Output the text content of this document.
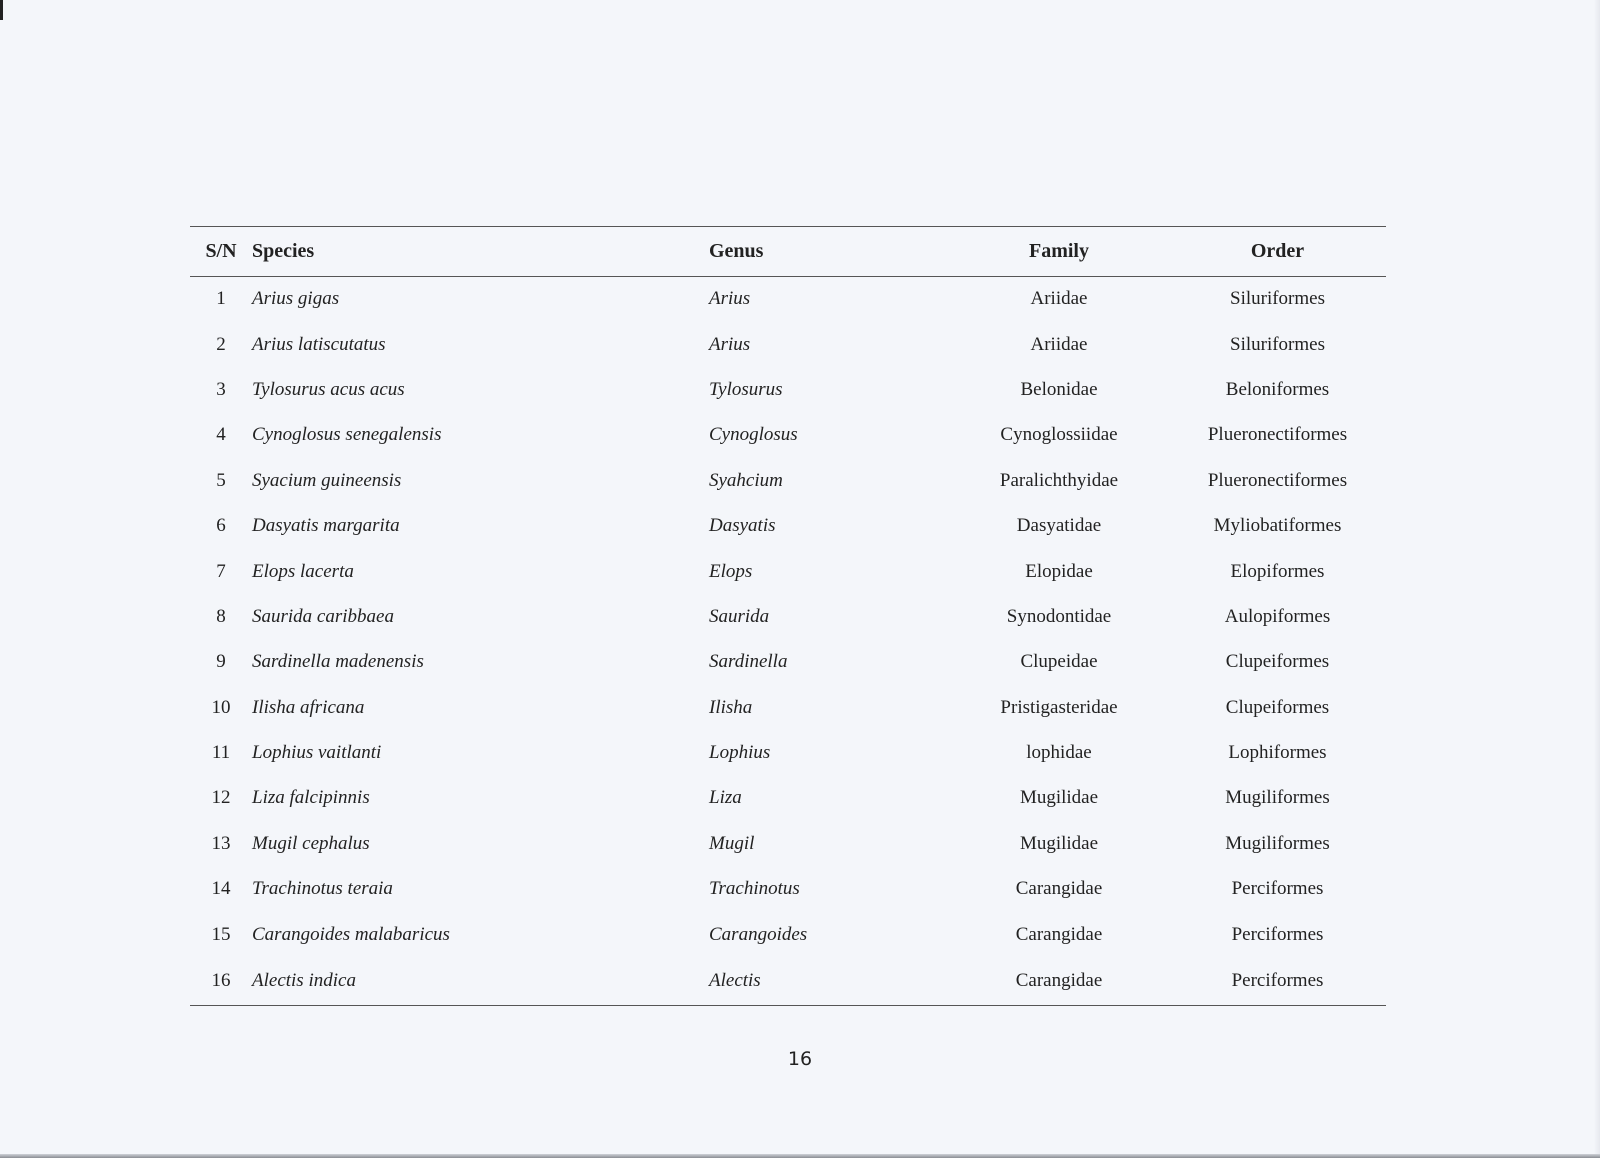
S/N	Species	Genus	Family	Order
1	Arius gigas	Arius	Ariidae	Siluriformes
2	Arius latiscutatus	Arius	Ariidae	Siluriformes
3	Tylosurus acus acus	Tylosurus	Belonidae	Beloniformes
4	Cynoglosus senegalensis	Cynoglosus	Cynoglossiidae	Plueronectiformes
5	Syacium guineensis	Syahcium	Paralichthyidae	Plueronectiformes
6	Dasyatis margarita	Dasyatis	Dasyatidae	Myliobatiformes
7	Elops lacerta	Elops	Elopidae	Elopiformes
8	Saurida caribbaea	Saurida	Synodontidae	Aulopiformes
9	Sardinella madenensis	Sardinella	Clupeidae	Clupeiformes
10	Ilisha africana	Ilisha	Pristigasteridae	Clupeiformes
11	Lophius vaitlanti	Lophius	lophidae	Lophiformes
12	Liza falcipinnis	Liza	Mugilidae	Mugiliformes
13	Mugil cephalus	Mugil	Mugilidae	Mugiliformes
14	Trachinotus teraia	Trachinotus	Carangidae	Perciformes
15	Carangoides malabaricus	Carangoides	Carangidae	Perciformes
16	Alectis indica	Alectis	Carangidae	Perciformes
16
